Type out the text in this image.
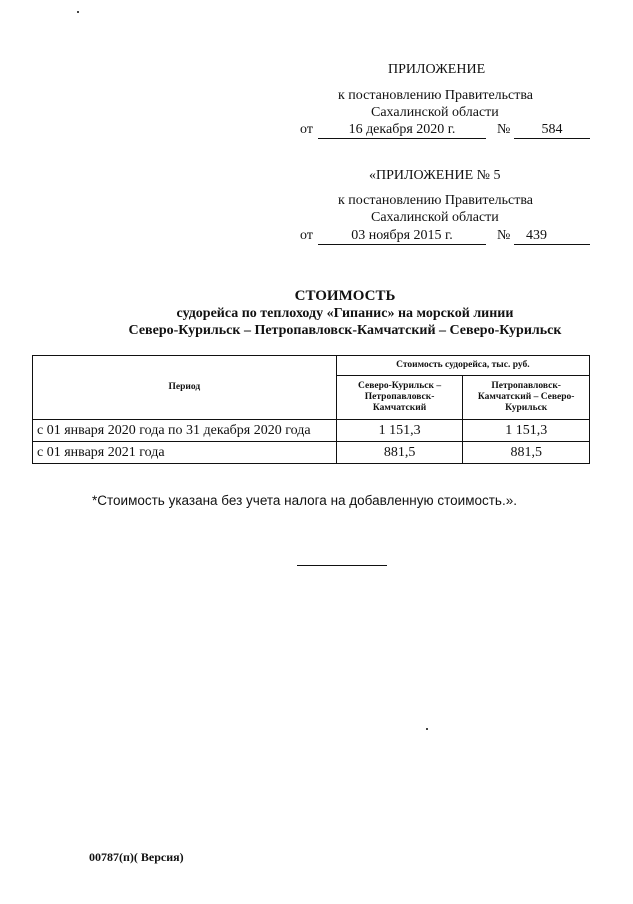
ПРИЛОЖЕНИЕ
к постановлению Правительства
Сахалинской области
от	16 декабря 2020 г.	№	584
«ПРИЛОЖЕНИЕ № 5
к постановлению Правительства
Сахалинской области
от	03 ноября 2015 г.	№	439
СТОИМОСТЬ
судорейса по теплоходу «Гипанис» на морской линии
Северо-Курильск – Петропавловск-Камчатский – Северо-Курильск
Период	Стоимость судорейса, тыс. руб.	
	Северо-Курильск – Петропавловск-Камчатский	Петропавловск-Камчатский – Северо-Курильск
с 01 января 2020 года по 31 декабря 2020 года	1 151,3	1 151,3
с 01 января 2021 года	881,5	881,5
*Стоимость указана без учета налога на добавленную стоимость.».
00787(п)( Версия)
